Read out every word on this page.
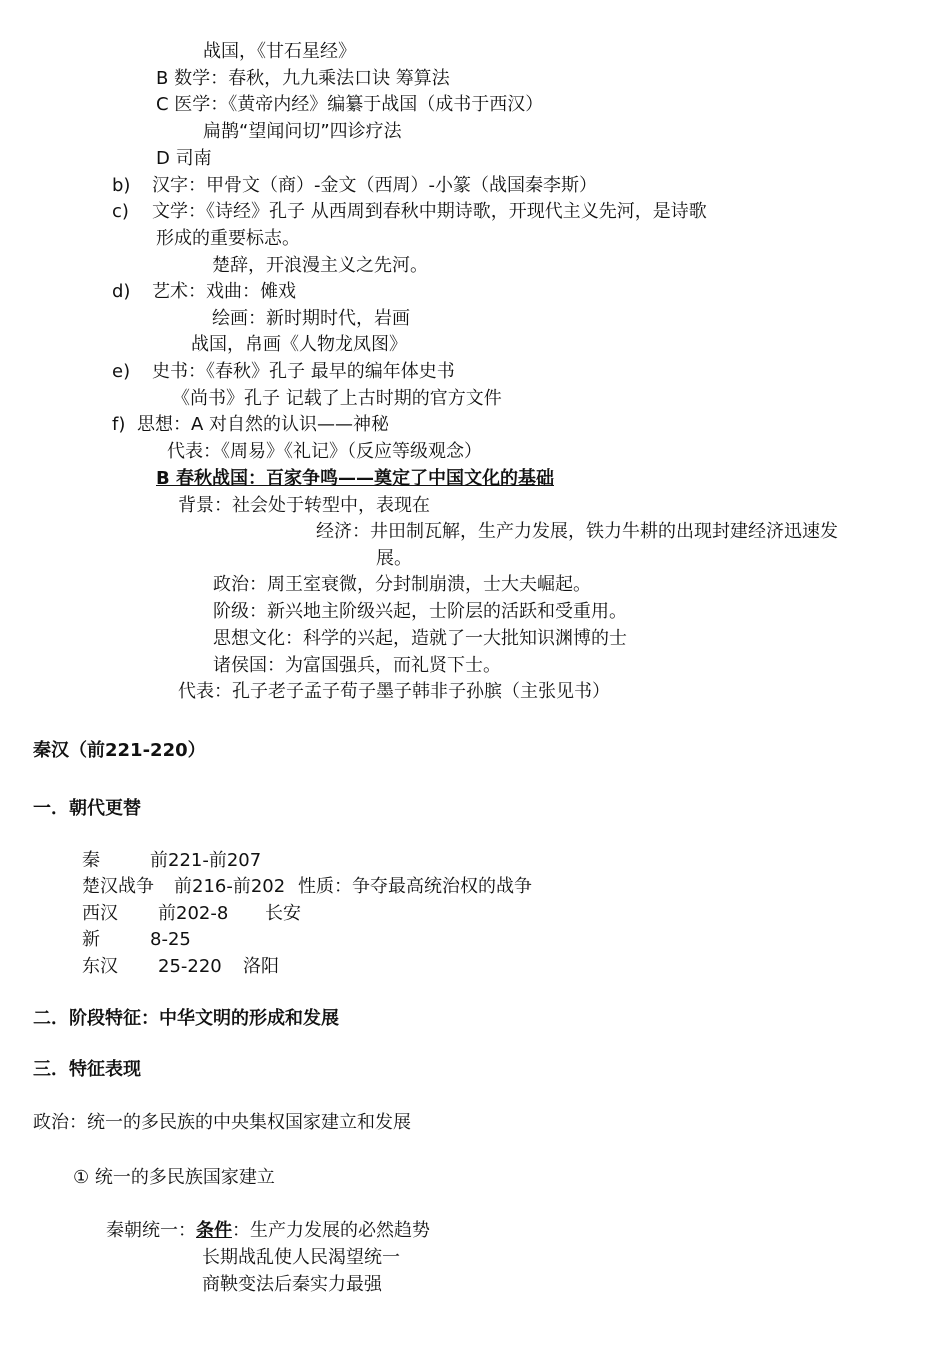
战国，《甘石星经》
B 数学：春秋，九九乘法口诀 筹算法
C 医学：《黄帝内经》编纂于战国（成书于西汉）
扁鹊“望闻问切”四诊疗法
D 司南
b) 汉字：甲骨文（商）-金文（西周）-小篆（战国秦李斯）
c) 文学：《诗经》孔子 从西周到春秋中期诗歌，开现代主义先河，是诗歌
形成的重要标志。
楚辞，开浪漫主义之先河。
d) 艺术：戏曲：傩戏
绘画：新时期时代，岩画
战国，帛画《人物龙凤图》
e) 史书：《春秋》孔子 最早的编年体史书
《尚书》孔子 记载了上古时期的官方文件
f) 思想：A 对自然的认识——神秘
代表：《周易》《礼记》（反应等级观念）
B 春秋战国：百家争鸣——奠定了中国文化的基础
背景：社会处于转型中，表现在
经济：井田制瓦解，生产力发展，铁力牛耕的出现封建经济迅速发
展。
政治：周王室衰微，分封制崩溃，士大夫崛起。
阶级：新兴地主阶级兴起，士阶层的活跃和受重用。
思想文化：科学的兴起，造就了一大批知识渊博的士
诸侯国：为富国强兵，而礼贤下士。
代表：孔子老子孟子荀子墨子韩非子孙膑（主张见书）
秦汉（前221-220）
一．朝代更替
秦	前221-前207
楚汉战争 前216-前202 性质：争夺最高统治权的战争
西汉 前202-8 长安
新	8-25
东汉 25-220 洛阳
二．阶段特征：中华文明的形成和发展
三．特征表现
政治：统一的多民族的中央集权国家建立和发展
① 统一的多民族国家建立
秦朝统一：条件：生产力发展的必然趋势
长期战乱使人民渴望统一
商鞅变法后秦实力最强
